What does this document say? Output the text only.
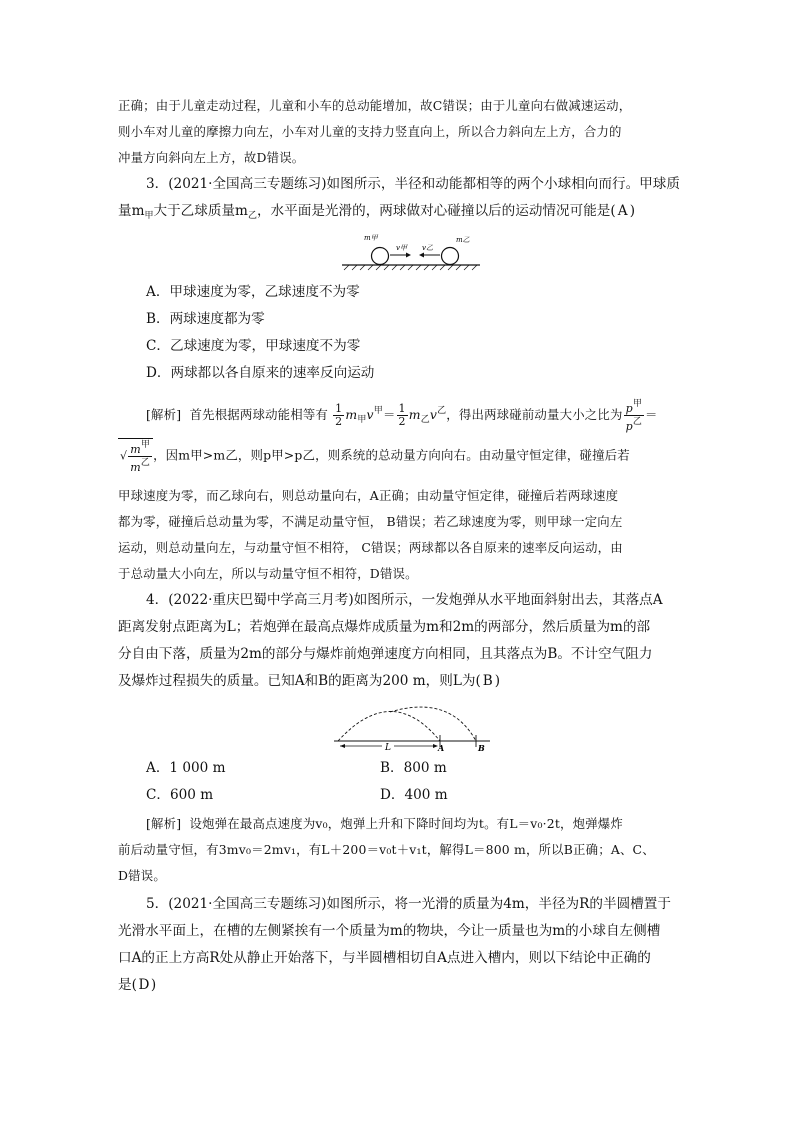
正确；由于儿童走动过程，儿童和小车的总动能增加，故C错误；由于儿童向右做减速运动，
则小车对儿童的摩擦力向左，小车对儿童的支持力竖直向上，所以合力斜向左上方，合力的
冲量方向斜向左上方，故D错误。
3．(2021·全国高三专题练习)如图所示，半径和动能都相等的两个小球相向而行。甲球质
量$m_甲$大于乙球质量$m_乙$，水平面是光滑的，两球做对心碰撞以后的运动情况可能是( A )
m甲
v甲 v乙
m乙
A．甲球速度为零，乙球速度不为零
B．两球速度都为零
C．乙球速度为零，甲球速度不为零
D．两球都以各自原来的速率反向运动
[解析] 首先根据两球动能相等有 $\frac{1}{2} m_甲v^甲= \frac{1}{2} m_乙v^乙$，得出两球碰前动量大小之比为 $\frac{p^甲}{p^乙}$ ＝
√ $\frac{m^甲}{m^乙}$ ，因m甲>m乙，则p甲>p乙，则系统的总动量方向向右。由动量守恒定律，碰撞后若
甲球速度为零，而乙球向右，则总动量向右，A正确；由动量守恒定律，碰撞后若两球速度
都为零，碰撞后总动量为零，不满足动量守恒， B错误；若乙球速度为零，则甲球一定向左
运动，则总动量向左，与动量守恒不相符， C错误；两球都以各自原来的速率反向运动，由
于总动量大小向左，所以与动量守恒不相符，D错误。
4．(2022·重庆巴蜀中学高三月考)如图所示，一发炮弹从水平地面斜射出去，其落点A
距离发射点距离为L；若炮弹在最高点爆炸成质量为m和2m的两部分，然后质量为m的部
分自由下落，质量为2m的部分与爆炸前炮弹速度方向相同，且其落点为B。不计空气阻力
及爆炸过程损失的质量。已知A和B的距离为200 m，则L为( B )
L	A	B
A．1 000 m	B．800 m
C．600 m	D．400 m
[解析] 设炮弹在最高点速度为v₀，炮弹上升和下降时间均为t。有L＝v₀·2t，炮弹爆炸
前后动量守恒，有3mv₀＝2mv₁，有L＋200＝v₀t＋v₁t，解得L＝800 m，所以B正确；A、C、
D错误。
5．(2021·全国高三专题练习)如图所示，将一光滑的质量为4m，半径为R的半圆槽置于
光滑水平面上，在槽的左侧紧挨有一个质量为m的物块，今让一质量也为m的小球自左侧槽
口A的正上方高R处从静止开始落下，与半圆槽相切自A点进入槽内，则以下结论中正确的
是( D )
